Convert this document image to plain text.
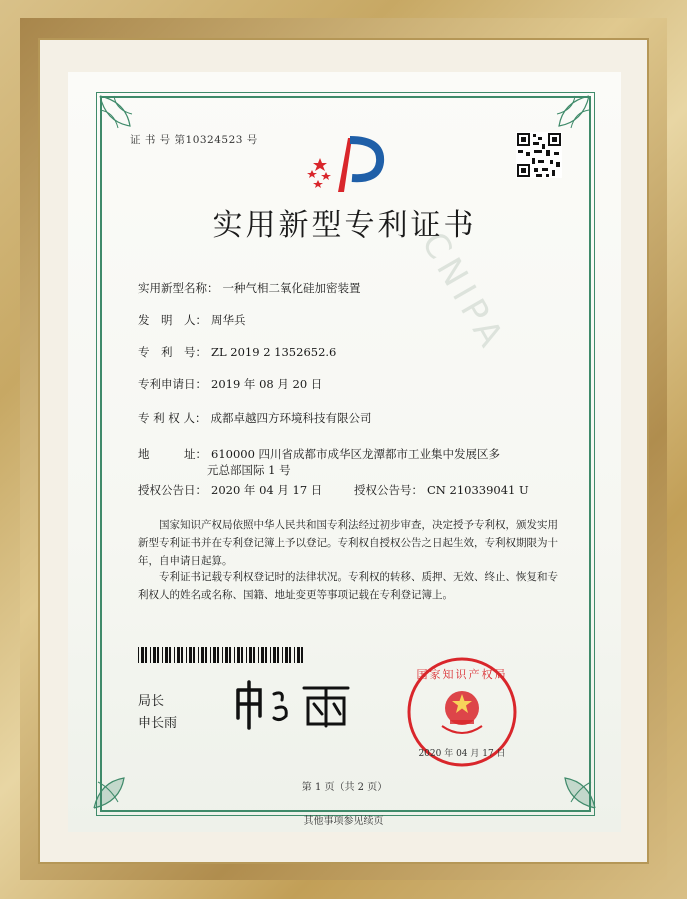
CNIPA
证 书 号 第10324523 号
实用新型专利证书
实用新型名称： 一种气相二氧化硅加密装置
发　明　人： 周华兵
专　利　号： ZL 2019 2 1352652.6
专利申请日： 2019 年 08 月 20 日
专 利 权 人： 成都卓越四方环境科技有限公司
地　　　址： 610000 四川省成都市成华区龙潭都市工业集中发展区多
元总部国际 1 号
授权公告日： 2020 年 04 月 17 日	授权公告号： CN 210339041 U
国家知识产权局依照中华人民共和国专利法经过初步审查，决定授予专利权，颁发实用新型专利证书并在专利登记簿上予以登记。专利权自授权公告之日起生效，专利权期限为十年，自申请日起算。
专利证书记载专利权登记时的法律状况。专利权的转移、质押、无效、终止、恢复和专利权人的姓名或名称、国籍、地址变更等事项记载在专利登记簿上。
局长
申长雨
国家知识产权局
2020 年 04 月 17 日
第 1 页（共 2 页）
其他事项参见续页
